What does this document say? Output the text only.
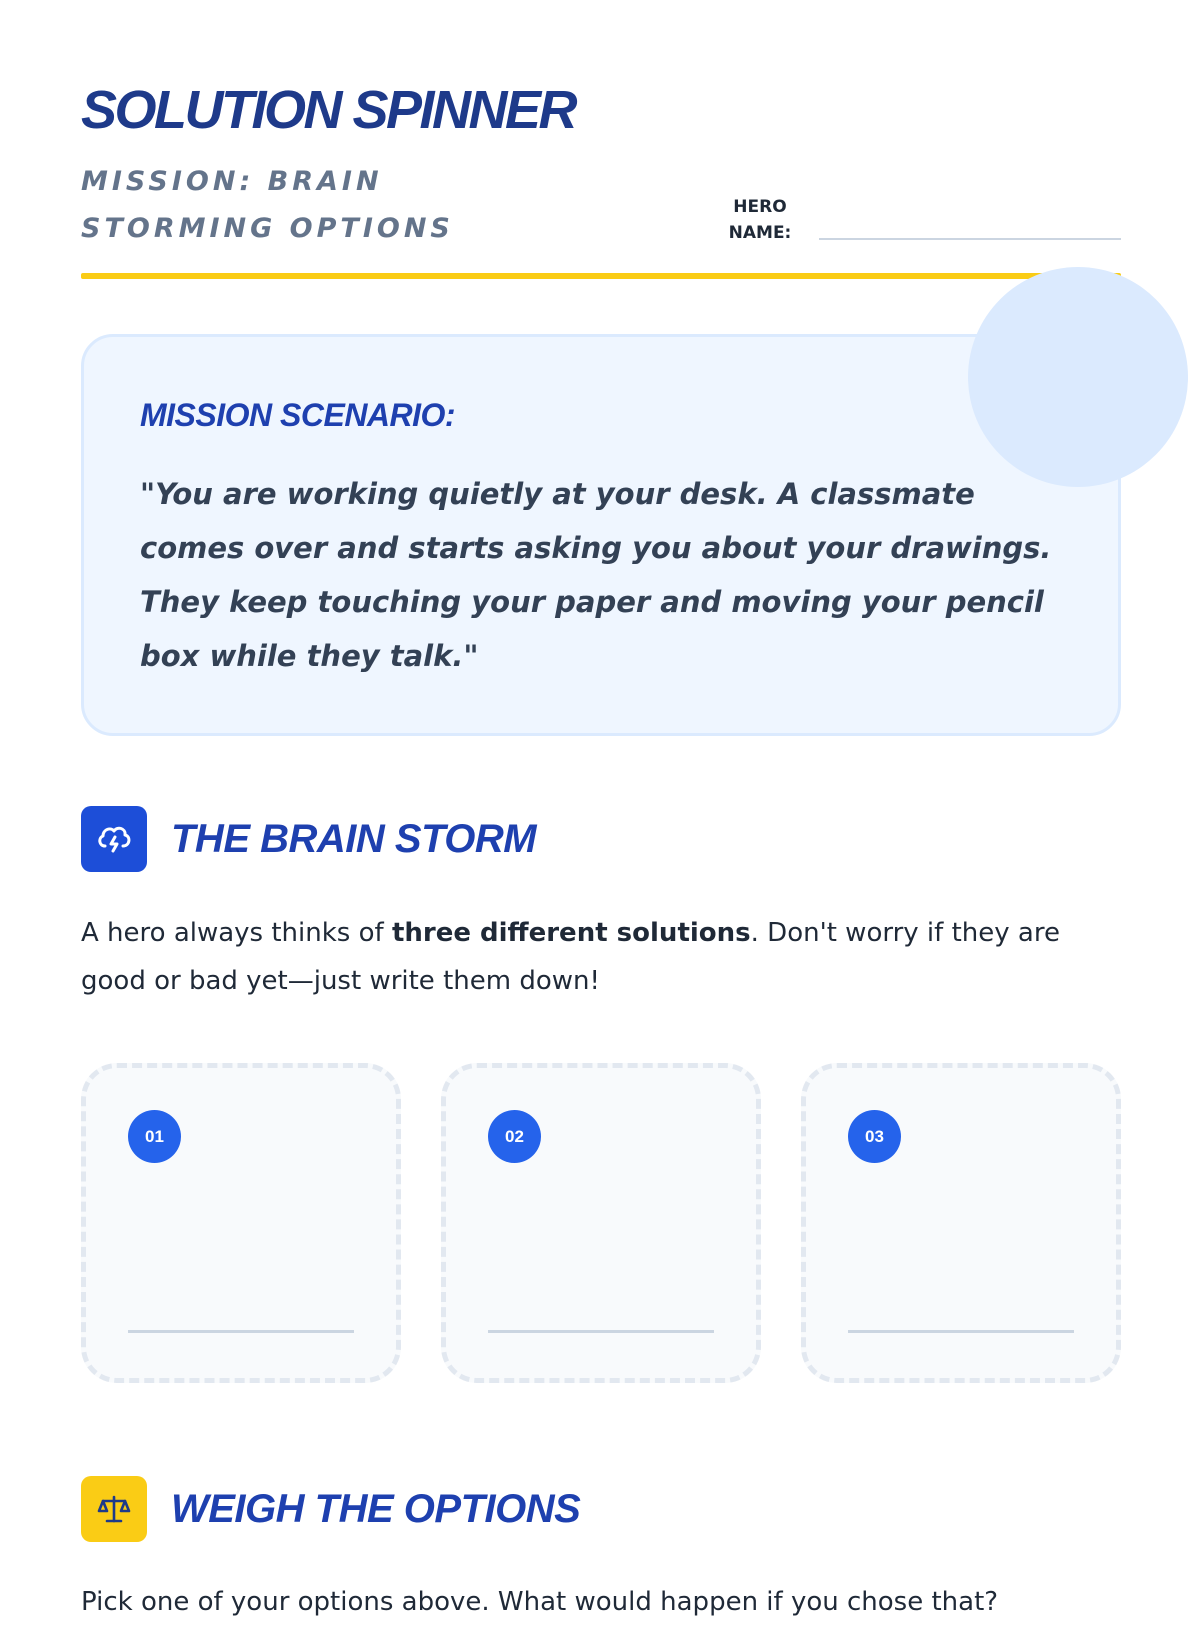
SOLUTION SPINNER
MISSION: BRAIN STORMING OPTIONS
HERO NAME:
MISSION SCENARIO:
"You are working quietly at your desk. A classmate comes over and starts asking you about your drawings. They keep touching your paper and moving your pencil box while they talk."
THE BRAIN STORM
A hero always thinks of three different solutions. Don't worry if they are good or bad yet—just write them down!
01	02	03
WEIGH THE OPTIONS
Pick one of your options above. What would happen if you chose that?
